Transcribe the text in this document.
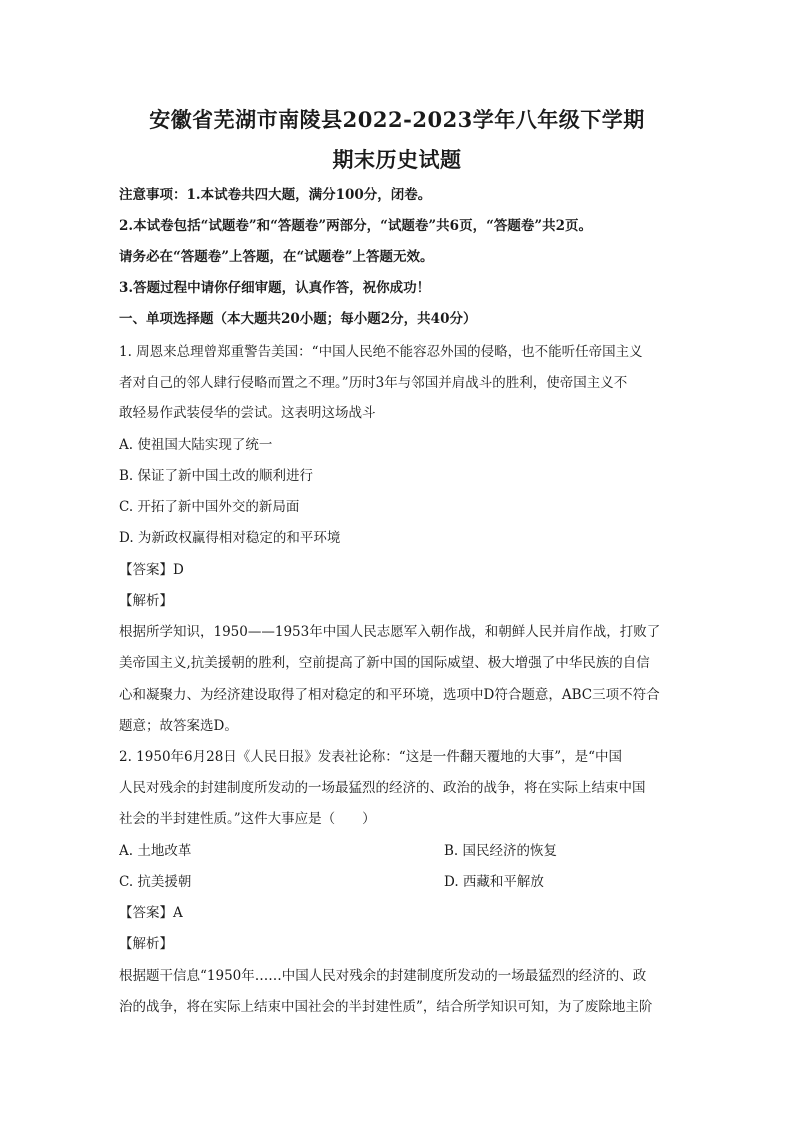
安徽省芜湖市南陵县2022-2023学年八年级下学期
期末历史试题
注意事项：1.本试卷共四大题，满分100分，闭卷。
2.本试卷包括“试题卷”和“答题卷”两部分，“试题卷”共6页，“答题卷”共2页。
请务必在“答题卷”上答题，在“试题卷”上答题无效。
3.答题过程中请你仔细审题，认真作答，祝你成功！
一、单项选择题（本大题共20小题；每小题2分，共40分）
1. 周恩来总理曾郑重警告美国：“中国人民绝不能容忍外国的侵略，也不能听任帝国主义
者对自己的邻人肆行侵略而置之不理。”历时3年与邻国并肩战斗的胜利，使帝国主义不
敢轻易作武装侵华的尝试。这表明这场战斗
A. 使祖国大陆实现了统一
B. 保证了新中国土改的顺利进行
C. 开拓了新中国外交的新局面
D. 为新政权赢得相对稳定的和平环境
【答案】D
【解析】
根据所学知识，1950——1953年中国人民志愿军入朝作战，和朝鲜人民并肩作战，打败了
美帝国主义,抗美援朝的胜利，空前提高了新中国的国际威望、极大增强了中华民族的自信
心和凝聚力、为经济建设取得了相对稳定的和平环境，选项中D符合题意，ABC三项不符合
题意；故答案选D。
2. 1950年6月28日《人民日报》发表社论称：“这是一件翻天覆地的大事”，是“中国
人民对残余的封建制度所发动的一场最猛烈的经济的、政治的战争，将在实际上结束中国
社会的半封建性质。”这件大事应是（　　）
A. 土地改革	B. 国民经济的恢复
C. 抗美援朝	D. 西藏和平解放
【答案】A
【解析】
根据题干信息“1950年……中国人民对残余的封建制度所发动的一场最猛烈的经济的、政
治的战争，将在实际上结束中国社会的半封建性质”，结合所学知识可知，为了废除地主阶
